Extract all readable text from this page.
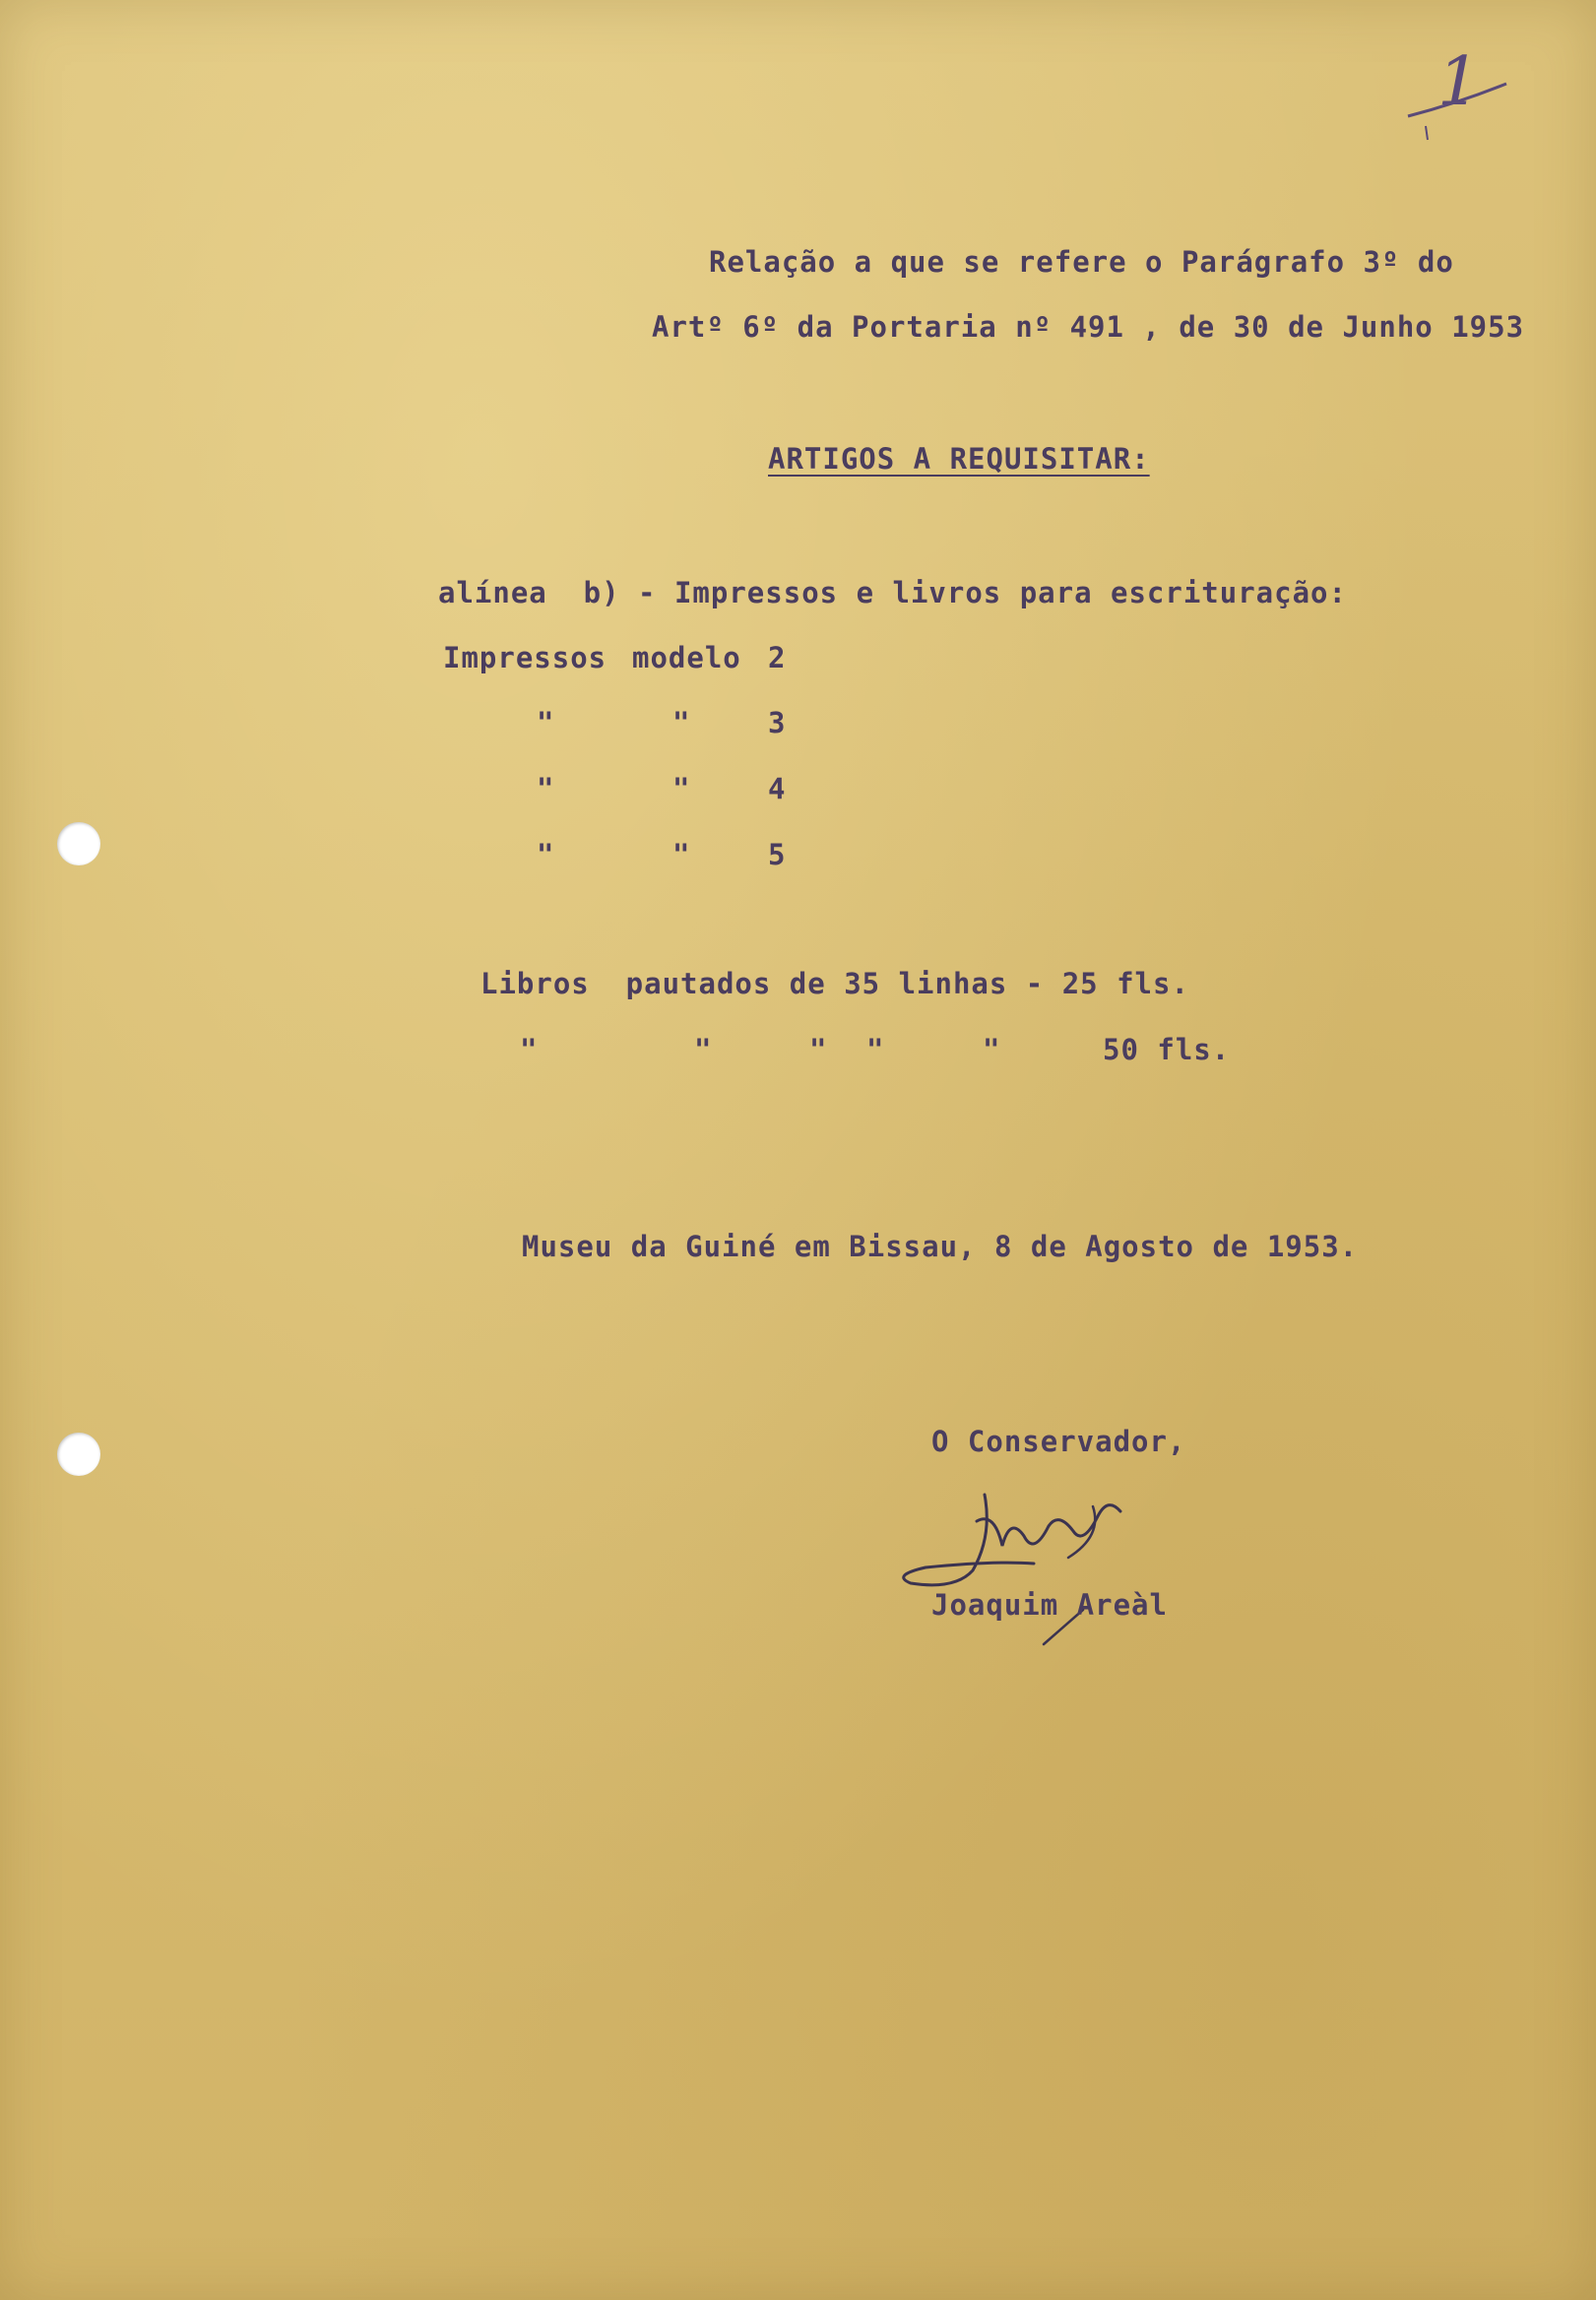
1
Relação a que se refere o Parágrafo 3º do
Artº 6º da Portaria nº 491 , de 30 de Junho 1953
ARTIGOS A REQUISITAR:
alínea  b) - Impressos e livros para escrituração:
Impressos modelo 2
"	"	3
"	"	4
"	"	5
Libros  pautados de 35 linhas - 25 fls.
"	"	" "	"	50 fls.
Museu da Guiné em Bissau, 8 de Agosto de 1953.
O Conservador,
Joaquim Areàl
